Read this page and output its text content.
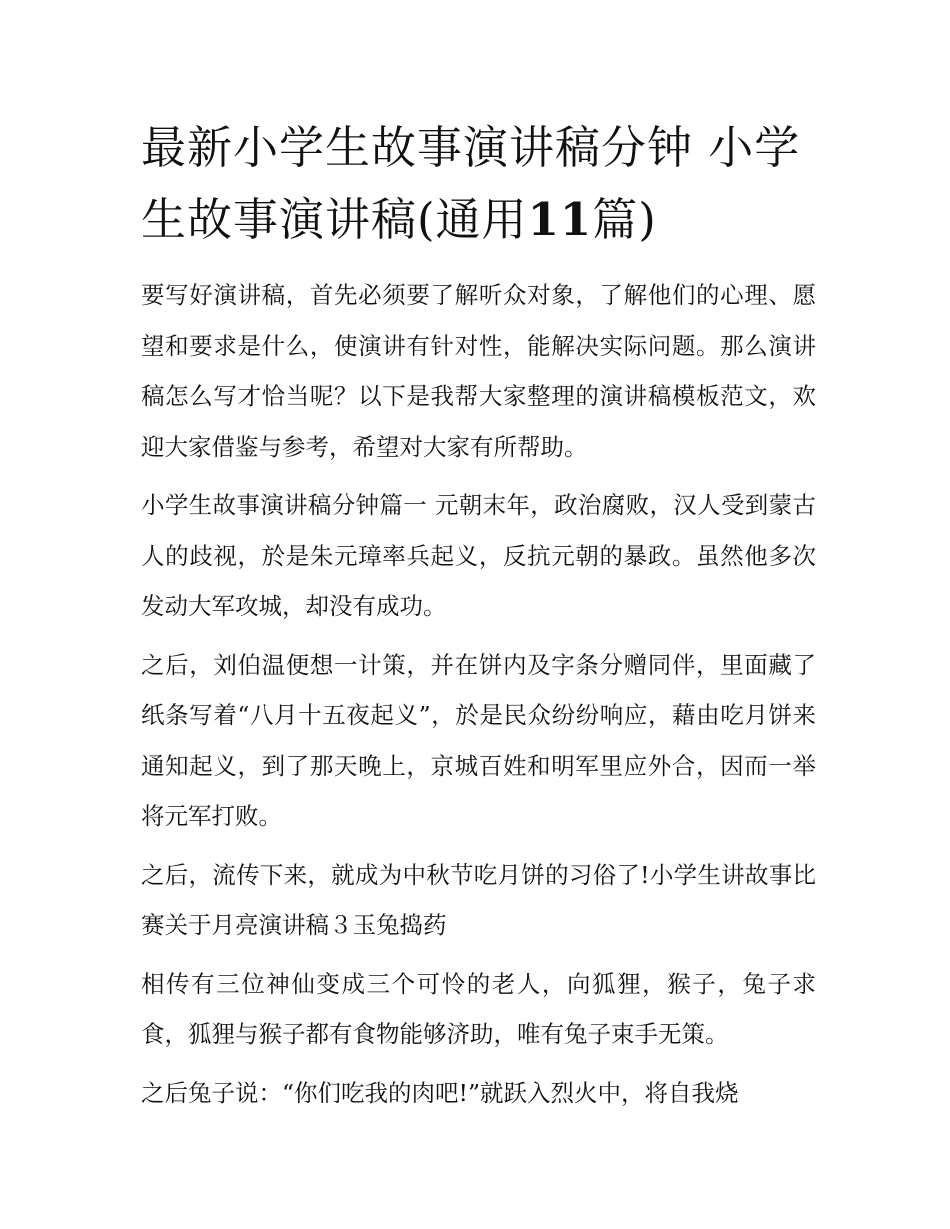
最新小学生故事演讲稿分钟 小学生故事演讲稿(通用11篇)

要写好演讲稿，首先必须要了解听众对象，了解他们的心理、愿望和要求是什么，使演讲有针对性，能解决实际问题。那么演讲稿怎么写才恰当呢？以下是我帮大家整理的演讲稿模板范文，欢迎大家借鉴与参考，希望对大家有所帮助。

小学生故事演讲稿分钟篇一 元朝末年，政治腐败，汉人受到蒙古人的歧视，於是朱元璋率兵起义，反抗元朝的暴政。虽然他多次发动大军攻城，却没有成功。

之后，刘伯温便想一计策，并在饼内及字条分赠同伴，里面藏了纸条写着“八月十五夜起义”，於是民众纷纷响应，藉由吃月饼来通知起义，到了那天晚上，京城百姓和明军里应外合，因而一举将元军打败。

之后，流传下来，就成为中秋节吃月饼的习俗了!小学生讲故事比赛关于月亮演讲稿３玉兔捣药

相传有三位神仙变成三个可怜的老人，向狐狸，猴子，兔子求食，狐狸与猴子都有食物能够济助，唯有兔子束手无策。

之后兔子说：“你们吃我的肉吧!”就跃入烈火中，将自我烧
